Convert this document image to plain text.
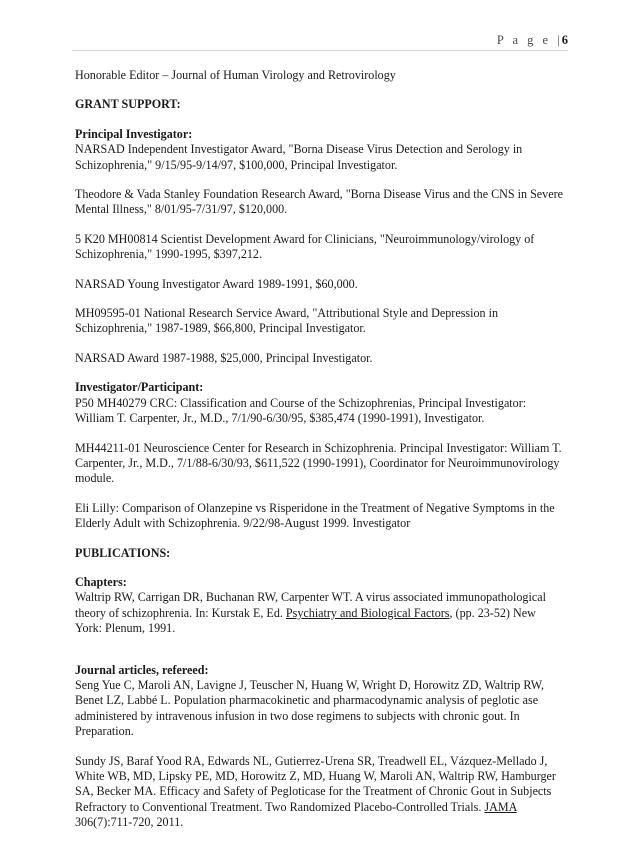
P a g e | 6

Honorable Editor – Journal of Human Virology and Retrovirology

GRANT SUPPORT:

Principal Investigator:
NARSAD Independent Investigator Award, "Borna Disease Virus Detection and Serology in Schizophrenia," 9/15/95-9/14/97, $100,000, Principal Investigator.

Theodore & Vada Stanley Foundation Research Award, "Borna Disease Virus and the CNS in Severe Mental Illness," 8/01/95-7/31/97, $120,000.

5 K20 MH00814 Scientist Development Award for Clinicians, "Neuroimmunology/virology of Schizophrenia," 1990-1995, $397,212.

NARSAD Young Investigator Award 1989-1991, $60,000.

MH09595-01 National Research Service Award, "Attributional Style and Depression in Schizophrenia," 1987-1989, $66,800, Principal Investigator.

NARSAD Award 1987-1988, $25,000, Principal Investigator.

Investigator/Participant:
P50 MH40279 CRC: Classification and Course of the Schizophrenias, Principal Investigator: William T. Carpenter, Jr., M.D., 7/1/90-6/30/95, $385,474 (1990-1991), Investigator.

MH44211-01 Neuroscience Center for Research in Schizophrenia. Principal Investigator: William T. Carpenter, Jr., M.D., 7/1/88-6/30/93, $611,522 (1990-1991), Coordinator for Neuroimmunovirology module.

Eli Lilly: Comparison of Olanzepine vs Risperidone in the Treatment of Negative Symptoms in the Elderly Adult with Schizophrenia. 9/22/98-August 1999. Investigator

PUBLICATIONS:

Chapters:
Waltrip RW, Carrigan DR, Buchanan RW, Carpenter WT. A virus associated immunopathological theory of schizophrenia. In: Kurstak E, Ed. Psychiatry and Biological Factors, (pp. 23-52) New York: Plenum, 1991.

Journal articles, refereed:
Seng Yue C, Maroli AN, Lavigne J, Teuscher N, Huang W, Wright D, Horowitz ZD, Waltrip RW, Benet LZ, Labbé L. Population pharmacokinetic and pharmacodynamic analysis of peglotic ase administered by intravenous infusion in two dose regimens to subjects with chronic gout. In Preparation.

Sundy JS, Baraf Yood RA, Edwards NL, Gutierrez-Urena SR, Treadwell EL, Vázquez-Mellado J, White WB, MD, Lipsky PE, MD, Horowitz Z, MD, Huang W, Maroli AN, Waltrip RW, Hamburger SA, Becker MA. Efficacy and Safety of Pegloticase for the Treatment of Chronic Gout in Subjects Refractory to Conventional Treatment. Two Randomized Placebo-Controlled Trials. JAMA 306(7):711-720, 2011.
